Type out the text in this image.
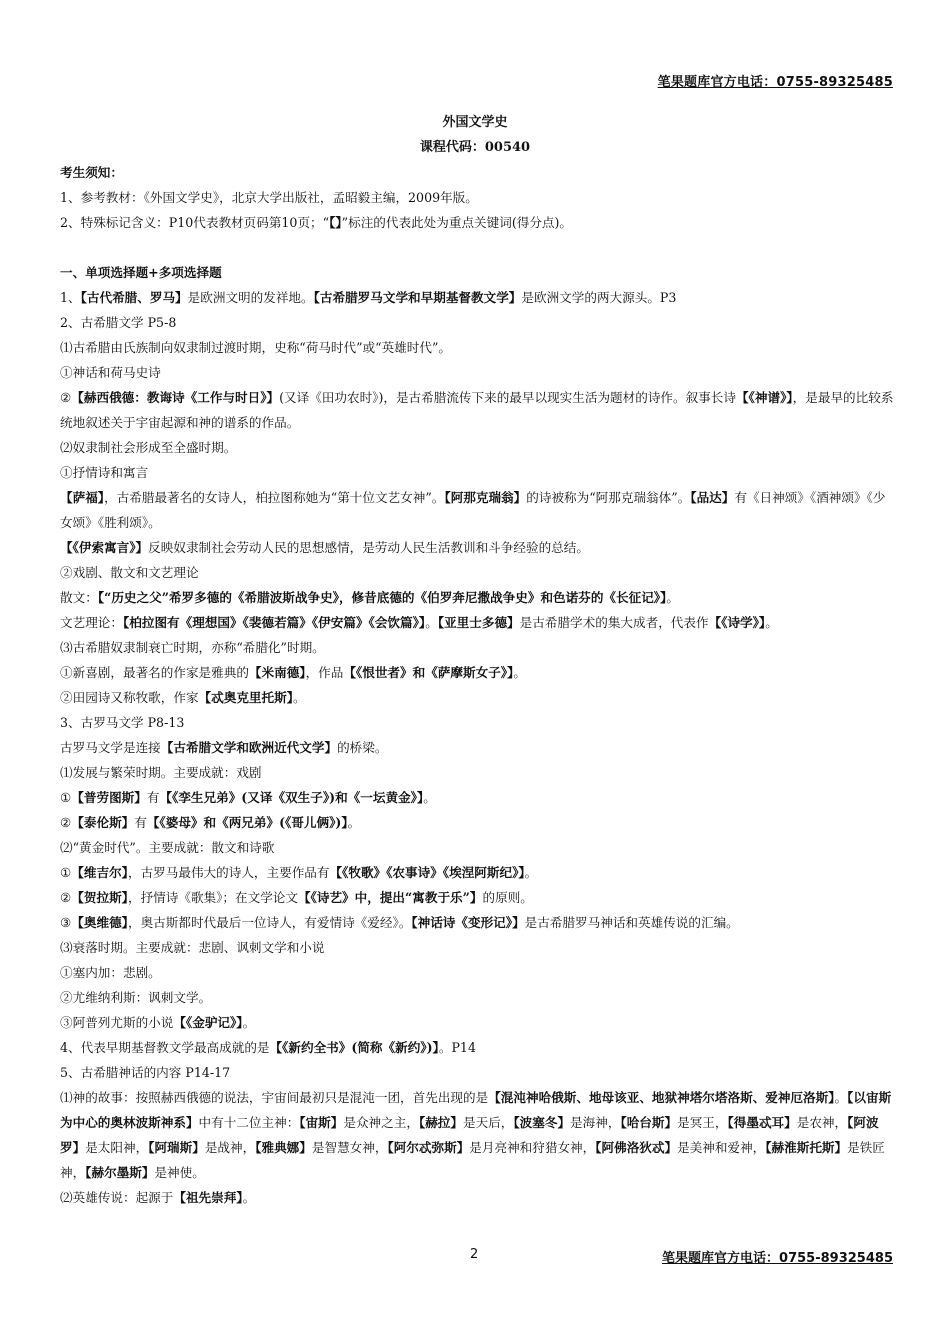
笔果题库官方电话：0755-89325485
外国文学史
课程代码：00540
考生须知：
1、参考教材：《外国文学史》，北京大学出版社，孟昭毅主编，2009年版。
2、特殊标记含义：P10代表教材页码第10页；“【】”标注的代表此处为重点关键词(得分点)。
一、单项选择题+多项选择题
1、【古代希腊、罗马】是欧洲文明的发祥地。【古希腊罗马文学和早期基督教文学】是欧洲文学的两大源头。P3
2、古希腊文学 P5-8
⑴古希腊由氏族制向奴隶制过渡时期，史称“荷马时代”或“英雄时代”。
①神话和荷马史诗
②【赫西俄德：教诲诗《工作与时日》】(又译《田功农时》)，是古希腊流传下来的最早以现实生活为题材的诗作。叙事长诗【《神谱》】，是最早的比较系统地叙述关于宇宙起源和神的谱系的作品。
⑵奴隶制社会形成至全盛时期。
①抒情诗和寓言
【萨福】，古希腊最著名的女诗人，柏拉图称她为“第十位文艺女神”。【阿那克瑞翁】的诗被称为“阿那克瑞翁体”。【品达】有《日神颂》《酒神颂》《少女颂》《胜利颂》。
【《伊索寓言》】反映奴隶制社会劳动人民的思想感情，是劳动人民生活教训和斗争经验的总结。
②戏剧、散文和文艺理论
散文：【“历史之父”希罗多德的《希腊波斯战争史》，修昔底德的《伯罗奔尼撒战争史》和色诺芬的《长征记》】。
文艺理论：【柏拉图有《理想国》《裴德若篇》《伊安篇》《会饮篇》】。【亚里士多德】是古希腊学术的集大成者，代表作【《诗学》】。
⑶古希腊奴隶制衰亡时期，亦称“希腊化”时期。
①新喜剧，最著名的作家是雅典的【米南德】，作品【《恨世者》和《萨摩斯女子》】。
②田园诗又称牧歌，作家【忒奥克里托斯】。
3、古罗马文学 P8-13
古罗马文学是连接【古希腊文学和欧洲近代文学】的桥梁。
⑴发展与繁荣时期。主要成就：戏剧
①【普劳图斯】有【《孪生兄弟》(又译《双生子》)和《一坛黄金》】。
②【泰伦斯】有【《婆母》和《两兄弟》(《哥儿俩》)】。
⑵“黄金时代”。主要成就：散文和诗歌
①【维吉尔】，古罗马最伟大的诗人，主要作品有【《牧歌》《农事诗》《埃涅阿斯纪》】。
②【贺拉斯】，抒情诗《歌集》；在文学论文【《诗艺》中，提出“寓教于乐”】的原则。
③【奥维德】，奥古斯都时代最后一位诗人，有爱情诗《爱经》。【神话诗《变形记》】是古希腊罗马神话和英雄传说的汇编。
⑶衰落时期。主要成就：悲剧、讽刺文学和小说
①塞内加：悲剧。
②尤维纳利斯：讽刺文学。
③阿普列尤斯的小说【《金驴记》】。
4、代表早期基督教文学最高成就的是【《新约全书》(简称《新约》)】。P14
5、古希腊神话的内容 P14-17
⑴神的故事：按照赫西俄德的说法，宇宙间最初只是混沌一团，首先出现的是【混沌神哈俄斯、地母该亚、地狱神塔尔塔洛斯、爱神厄洛斯】。【以宙斯为中心的奥林波斯神系】中有十二位主神：【宙斯】是众神之主，【赫拉】是天后，【波塞冬】是海神，【哈台斯】是冥王，【得墨忒耳】是农神，【阿波罗】是太阳神，【阿瑞斯】是战神，【雅典娜】是智慧女神，【阿尔忒弥斯】是月亮神和狩猎女神，【阿佛洛狄忒】是美神和爱神，【赫淮斯托斯】是铁匠神，【赫尔墨斯】是神使。
⑵英雄传说：起源于【祖先崇拜】。
2	笔果题库官方电话：0755-89325485
